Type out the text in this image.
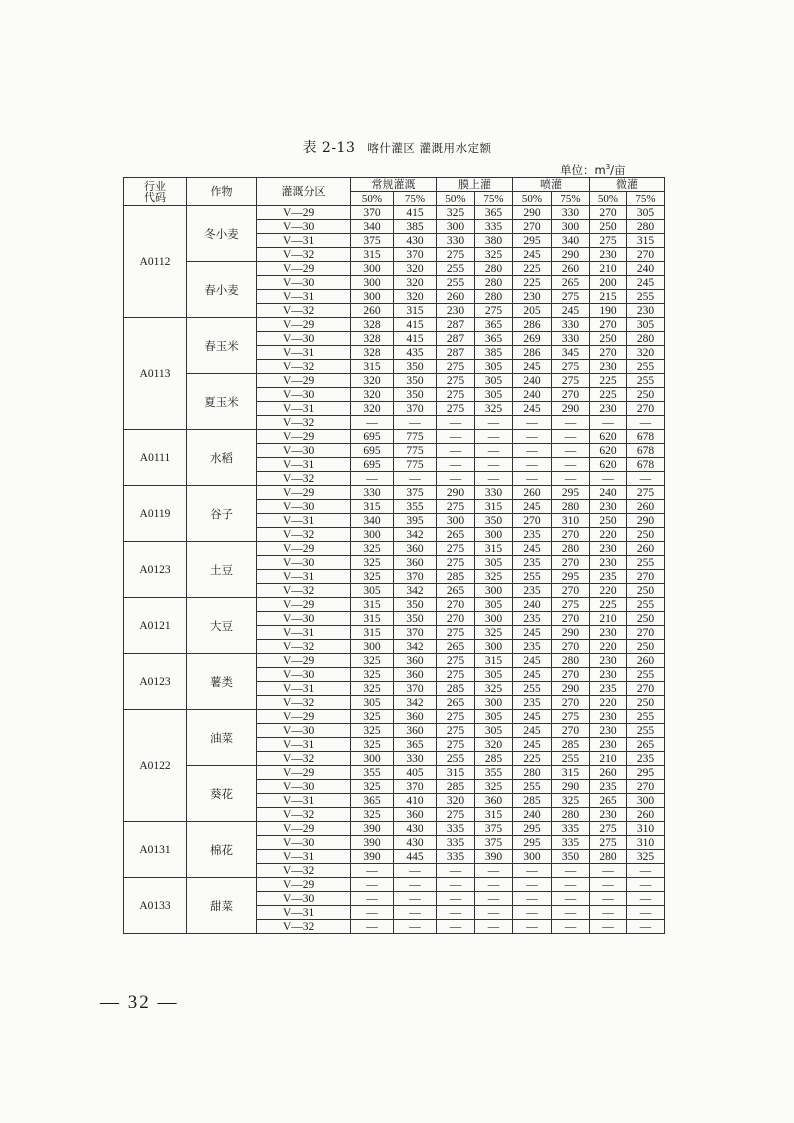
表 2-13 喀什灌区 灌溉用水定额
单位：$m^3/$亩
行业
代码	作物	灌溉分区	常规灌溉		膜上灌		喷灌		微灌	
			50%	75%	50%	75%	50%	75%	50%	75%
A0112	冬小麦	V—29	370	415	325	365	290	330	270	305
		V—30	340	385	300	335	270	300	250	280
		V—31	375	430	330	380	295	340	275	315
		V—32	315	370	275	325	245	290	230	270
	春小麦	V—29	300	320	255	280	225	260	210	240
		V—30	300	320	255	280	225	265	200	245
		V—31	300	320	260	280	230	275	215	255
		V—32	260	315	230	275	205	245	190	230
A0113	春玉米	V—29	328	415	287	365	286	330	270	305
		V—30	328	415	287	365	269	330	250	280
		V—31	328	435	287	385	286	345	270	320
		V—32	315	350	275	305	245	275	230	255
	夏玉米	V—29	320	350	275	305	240	275	225	255
		V—30	320	350	275	305	240	270	225	250
		V—31	320	370	275	325	245	290	230	270
		V—32	—	—	—	—	—	—	—	—
A0111	水稻	V—29	695	775	—	—	—	—	620	678
		V—30	695	775	—	—	—	—	620	678
		V—31	695	775	—	—	—	—	620	678
		V—32	—	—	—	—	—	—	—	—
A0119	谷子	V—29	330	375	290	330	260	295	240	275
		V—30	315	355	275	315	245	280	230	260
		V—31	340	395	300	350	270	310	250	290
		V—32	300	342	265	300	235	270	220	250
A0123	土豆	V—29	325	360	275	315	245	280	230	260
		V—30	325	360	275	305	235	270	230	255
		V—31	325	370	285	325	255	295	235	270
		V—32	305	342	265	300	235	270	220	250
A0121	大豆	V—29	315	350	270	305	240	275	225	255
		V—30	315	350	270	300	235	270	210	250
		V—31	315	370	275	325	245	290	230	270
		V—32	300	342	265	300	235	270	220	250
A0123	薯类	V—29	325	360	275	315	245	280	230	260
		V—30	325	360	275	305	245	270	230	255
		V—31	325	370	285	325	255	290	235	270
		V—32	305	342	265	300	235	270	220	250
A0122	油菜	V—29	325	360	275	305	245	275	230	255
		V—30	325	360	275	305	245	270	230	255
		V—31	325	365	275	320	245	285	230	265
		V—32	300	330	255	285	225	255	210	235
	葵花	V—29	355	405	315	355	280	315	260	295
		V—30	325	370	285	325	255	290	235	270
		V—31	365	410	320	360	285	325	265	300
		V—32	325	360	275	315	240	280	230	260
A0131	棉花	V—29	390	430	335	375	295	335	275	310
		V—30	390	430	335	375	295	335	275	310
		V—31	390	445	335	390	300	350	280	325
		V—32	—	—	—	—	—	—	—	—
A0133	甜菜	V—29	—	—	—	—	—	—	—	—
		V—30	—	—	—	—	—	—	—	—
		V—31	—	—	—	—	—	—	—	—
		V—32	—	—	—	—	—	—	—	—
— 32 —
